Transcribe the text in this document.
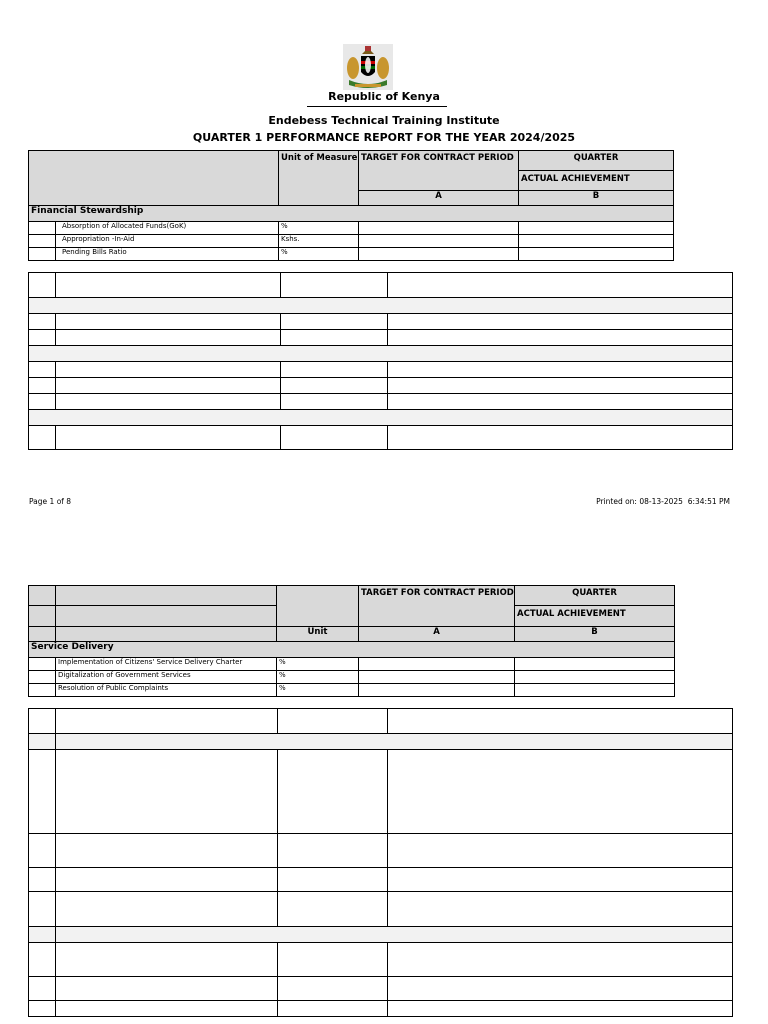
Republic of Kenya
Endebess Technical Training Institute
QUARTER 1 PERFORMANCE REPORT FOR THE YEAR 2024/2025
		Unit of Measure	TARGET FOR CONTRACT PERIOD	QUARTER
				ACTUAL ACHIEVEMENT
			A	B
Financial Stewardship				
	Absorption of Allocated Funds(GoK)	%		
	Appropriation -In-Aid	Kshs.		
	Pending Bills Ratio	%		

Page 1 of 8	Printed on: 08-13-2025  6:34:51 PM
			TARGET FOR CONTRACT PERIOD	QUARTER
				ACTUAL ACHIEVEMENT
		Unit	A	B
Service Delivery				
	Implementation of Citizens' Service Delivery Charter	%		
	Digitalization of Government Services	%		
	Resolution of Public Complaints	%		
